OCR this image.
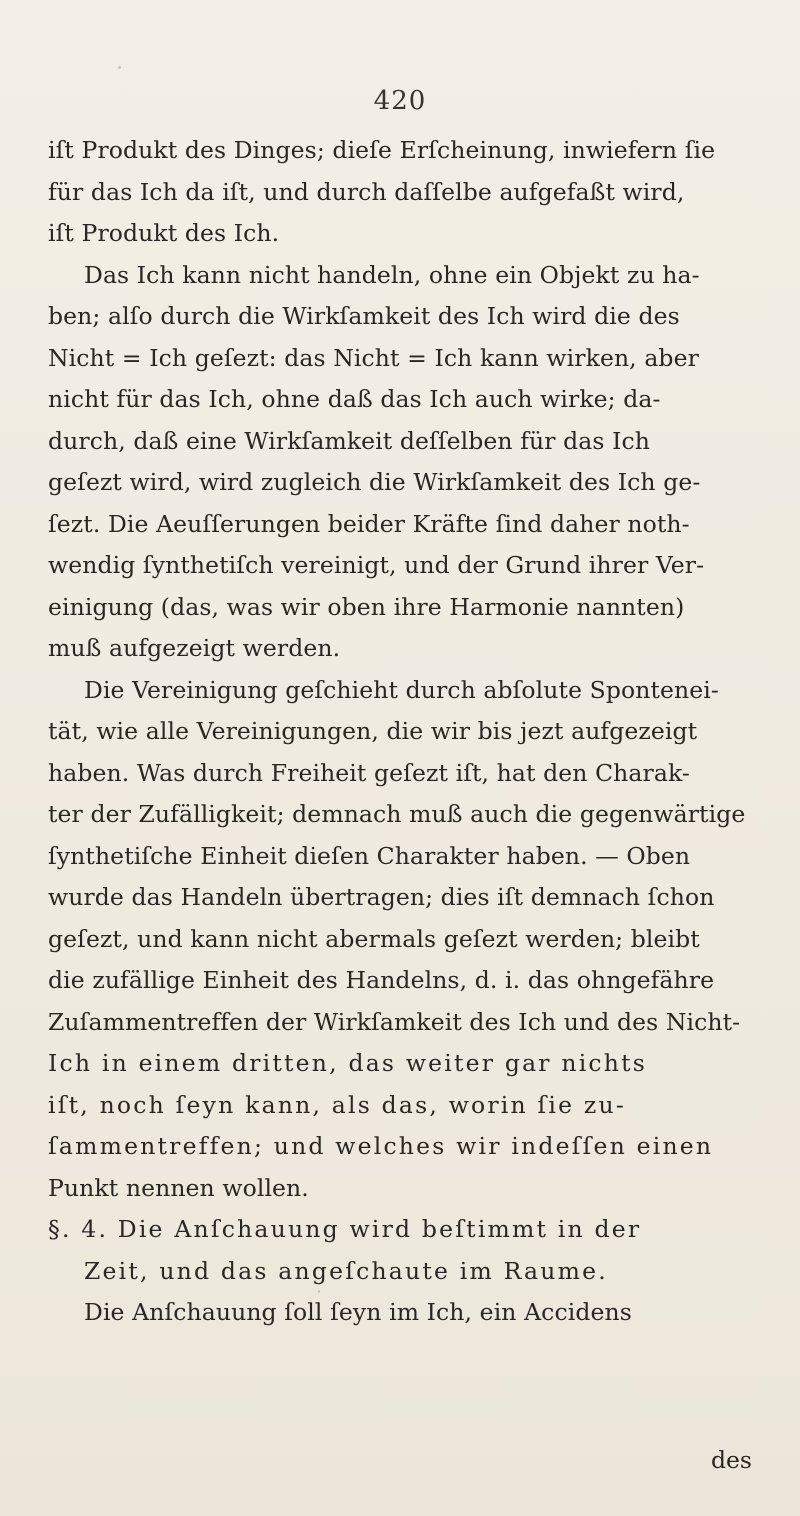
420
iſt Produkt des Dinges; dieſe Erſcheinung, inwiefern ſie
für das Ich da iſt, und durch daſſelbe aufgefaßt wird,
iſt Produkt des Ich.
Das Ich kann nicht handeln, ohne ein Objekt zu ha-
ben; alſo durch die Wirkſamkeit des Ich wird die des
Nicht = Ich geſezt: das Nicht = Ich kann wirken, aber
nicht für das Ich, ohne daß das Ich auch wirke; da-
durch, daß eine Wirkſamkeit deſſelben für das Ich
geſezt wird, wird zugleich die Wirkſamkeit des Ich ge-
ſezt. Die Aeuſſerungen beider Kräfte ſind daher noth-
wendig ſynthetiſch vereinigt, und der Grund ihrer Ver-
einigung (das, was wir oben ihre Harmonie nannten)
muß aufgezeigt werden.
Die Vereinigung geſchieht durch abſolute Spontenei-
tät, wie alle Vereinigungen, die wir bis jezt aufgezeigt
haben. Was durch Freiheit geſezt iſt, hat den Charak-
ter der Zufälligkeit; demnach muß auch die gegenwärtige
ſynthetiſche Einheit dieſen Charakter haben. — Oben
wurde das Handeln übertragen; dies iſt demnach ſchon
geſezt, und kann nicht abermals geſezt werden; bleibt
die zufällige Einheit des Handelns, d. i. das ohngefähre
Zuſammentreffen der Wirkſamkeit des Ich und des Nicht-
Ich in einem dritten, das weiter gar nichts
iſt, noch ſeyn kann, als das, worin ſie zu-
ſammentreffen; und welches wir indeſſen einen
Punkt nennen wollen.
§. 4. Die Anſchauung wird beſtimmt in der
Zeit, und das angeſchaute im Raume.
Die Anſchauung ſoll ſeyn im Ich, ein Accidens
des
